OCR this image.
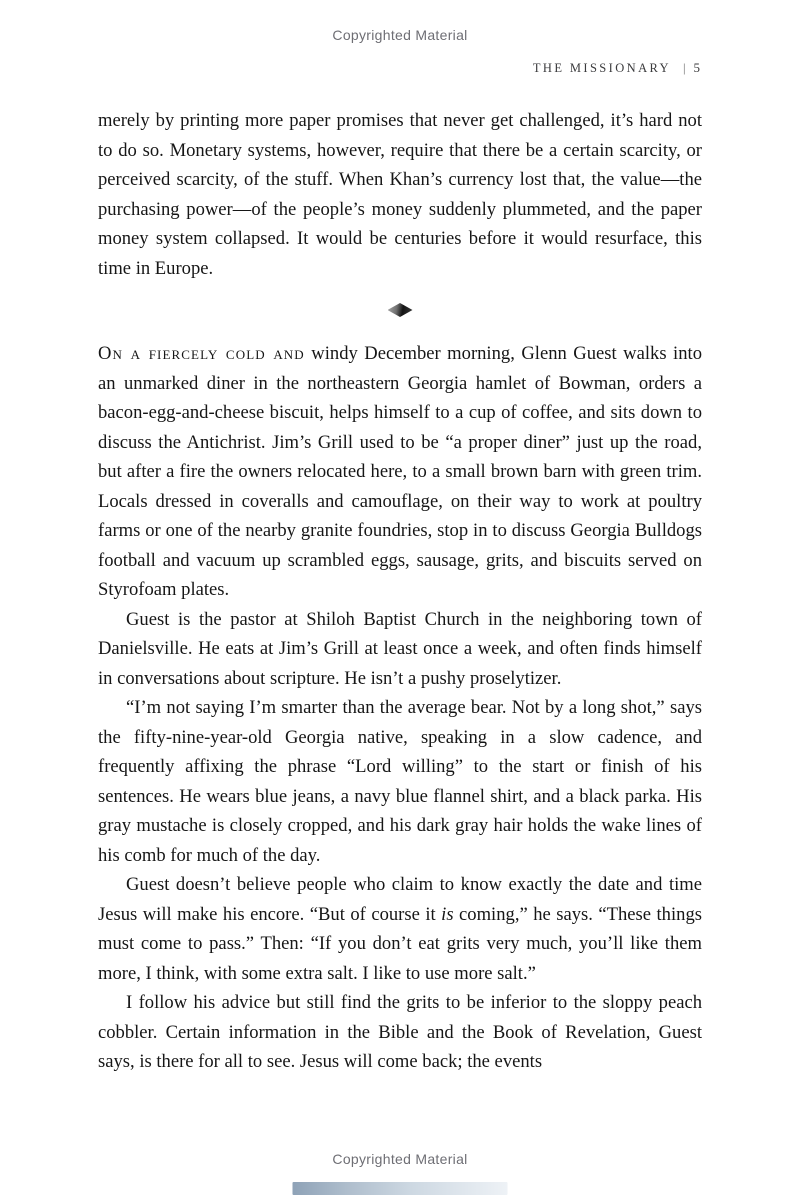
Copyrighted Material
THE MISSIONARY | 5

merely by printing more paper promises that never get challenged, it’s hard not to do so. Monetary systems, however, require that there be a certain scarcity, or perceived scarcity, of the stuff. When Khan’s currency lost that, the value—the purchasing power—of the people’s money suddenly plummeted, and the paper money system collapsed. It would be centuries before it would resurface, this time in Europe.

On a fiercely cold and windy December morning, Glenn Guest walks into an unmarked diner in the northeastern Georgia hamlet of Bowman, orders a bacon-egg-and-cheese biscuit, helps himself to a cup of coffee, and sits down to discuss the Antichrist. Jim’s Grill used to be “a proper diner” just up the road, but after a fire the owners relocated here, to a small brown barn with green trim. Locals dressed in coveralls and camouflage, on their way to work at poultry farms or one of the nearby granite foundries, stop in to discuss Georgia Bulldogs football and vacuum up scrambled eggs, sausage, grits, and biscuits served on Styrofoam plates.

Guest is the pastor at Shiloh Baptist Church in the neighboring town of Danielsville. He eats at Jim’s Grill at least once a week, and often finds himself in conversations about scripture. He isn’t a pushy proselytizer.

“I’m not saying I’m smarter than the average bear. Not by a long shot,” says the fifty-nine-year-old Georgia native, speaking in a slow cadence, and frequently affixing the phrase “Lord willing” to the start or finish of his sentences. He wears blue jeans, a navy blue flannel shirt, and a black parka. His gray mustache is closely cropped, and his dark gray hair holds the wake lines of his comb for much of the day.

Guest doesn’t believe people who claim to know exactly the date and time Jesus will make his encore. “But of course it is coming,” he says. “These things must come to pass.” Then: “If you don’t eat grits very much, you’ll like them more, I think, with some extra salt. I like to use more salt.”

I follow his advice but still find the grits to be inferior to the sloppy peach cobbler. Certain information in the Bible and the Book of Revelation, Guest says, is there for all to see. Jesus will come back; the events

Copyrighted Material
